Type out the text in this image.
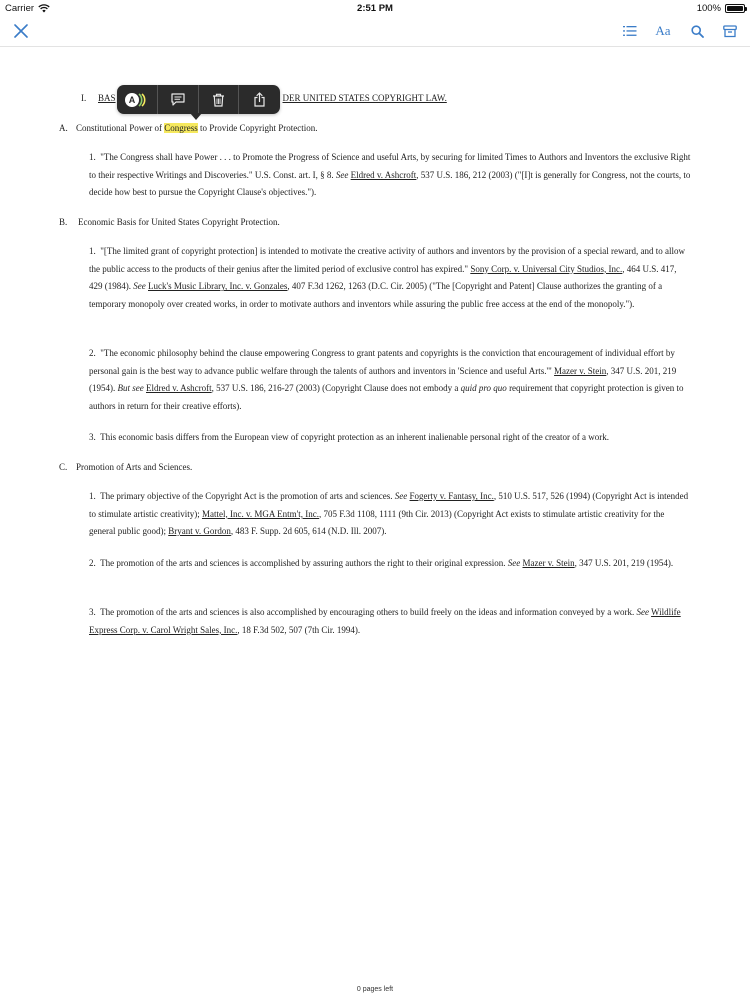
Carrier	2:51 PM	100%
Aa
I. BAS	DER UNITED STATES COPYRIGHT LAW.
A. Constitutional Power of Congress to Provide Copyright Protection.
1. "The Congress shall have Power . . . to Promote the Progress of Science and useful Arts, by securing for limited Times to Authors and Inventors the exclusive Right to their respective Writings and Discoveries." U.S. Const. art. I, § 8. See Eldred v. Ashcroft, 537 U.S. 186, 212 (2003) ("[I]t is generally for Congress, not the courts, to decide how best to pursue the Copyright Clause's objectives.").
B. Economic Basis for United States Copyright Protection.
1. "[The limited grant of copyright protection] is intended to motivate the creative activity of authors and inventors by the provision of a special reward, and to allow the public access to the products of their genius after the limited period of exclusive control has expired." Sony Corp. v. Universal City Studios, Inc., 464 U.S. 417, 429 (1984). See Luck's Music Library, Inc. v. Gonzales, 407 F.3d 1262, 1263 (D.C. Cir. 2005) ("The [Copyright and Patent] Clause authorizes the granting of a temporary monopoly over created works, in order to motivate authors and inventors while assuring the public free access at the end of the monopoly.").
2. "The economic philosophy behind the clause empowering Congress to grant patents and copyrights is the conviction that encouragement of individual effort by personal gain is the best way to advance public welfare through the talents of authors and inventors in 'Science and useful Arts.'" Mazer v. Stein, 347 U.S. 201, 219 (1954). But see Eldred v. Ashcroft, 537 U.S. 186, 216-27 (2003) (Copyright Clause does not embody a quid pro quo requirement that copyright protection is given to authors in return for their creative efforts).
3. This economic basis differs from the European view of copyright protection as an inherent inalienable personal right of the creator of a work.
C. Promotion of Arts and Sciences.
1. The primary objective of the Copyright Act is the promotion of arts and sciences. See Fogerty v. Fantasy, Inc., 510 U.S. 517, 526 (1994) (Copyright Act is intended to stimulate artistic creativity); Mattel, Inc. v. MGA Entm't, Inc., 705 F.3d 1108, 1111 (9th Cir. 2013) (Copyright Act exists to stimulate artistic creativity for the general public good); Bryant v. Gordon, 483 F. Supp. 2d 605, 614 (N.D. Ill. 2007).
2. The promotion of the arts and sciences is accomplished by assuring authors the right to their original expression. See Mazer v. Stein, 347 U.S. 201, 219 (1954).
3. The promotion of the arts and sciences is also accomplished by encouraging others to build freely on the ideas and information conveyed by a work. See Wildlife Express Corp. v. Carol Wright Sales, Inc., 18 F.3d 502, 507 (7th Cir. 1994).
A
0 pages left
